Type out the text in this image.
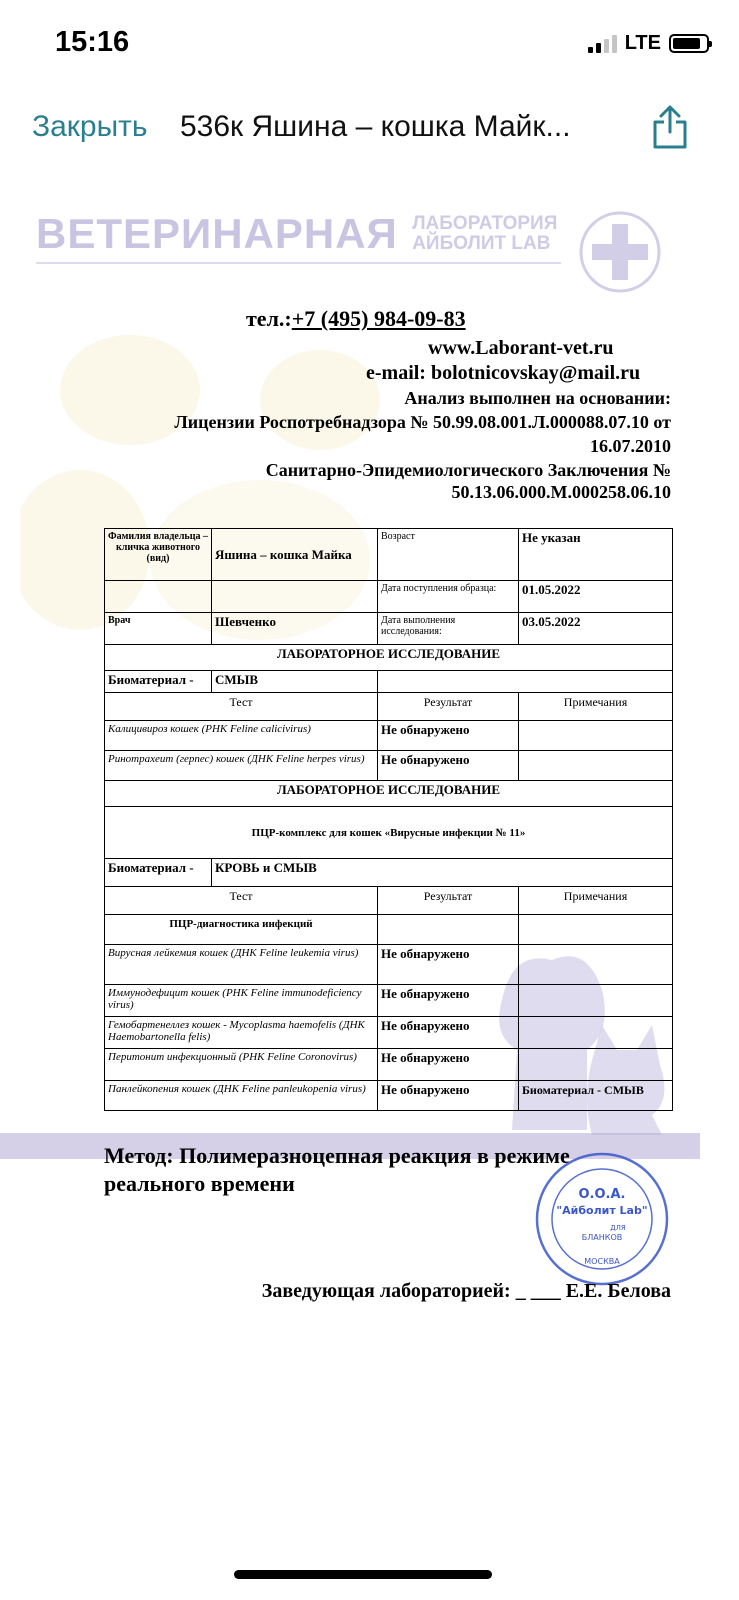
15:16	LTE
Закрыть 536к Яшина – кошка Майк...
ВЕТЕРИНАРНАЯ ЛАБОРАТОРИЯ
АЙБОЛИТ LAB
тел.:+7 (495) 984-09-83
www.Laborant-vet.ru
e-mail: bolotnicovskay@mail.ru
Анализ выполнен на основании:
Лицензии Роспотребнадзора № 50.99.08.001.Л.000088.07.10 от
16.07.2010
Санитарно-Эпидемиологического Заключения №
50.13.06.000.М.000258.06.10
Фамилия владельца – кличка животного (вид)	Яшина – кошка Майка	Возраст	Не указан
		Дата поступления образца:	01.05.2022
Врач	Шевченко	Дата выполнения исследования:	03.05.2022
ЛАБОРАТОРНОЕ ИССЛЕДОВАНИЕ			
Биоматериал -	СМЫВ		
Тест		Результат	Примечания
Калицивироз кошек (РНК Feline calicivirus)		Не обнаружено	
Ринотрахеит (герпес) кошек (ДНК Feline herpes virus)		Не обнаружено	
ЛАБОРАТОРНОЕ ИССЛЕДОВАНИЕ			
ПЦР-комплекс для кошек «Вирусные инфекции № 11»			
Биоматериал -	КРОВЬ и СМЫВ		
Тест		Результат	Примечания
ПЦР-диагностика инфекций			
Вирусная лейкемия кошек (ДНК Feline leukemia virus)		Не обнаружено	
Иммунодефицит кошек (РНК Feline immunodeficiency virus)		Не обнаружено	
Гемобартенеллез кошек - Mycoplasma haemofelis (ДНК Haemobartonella felis)		Не обнаружено	
Перитонит инфекционный (РНК Feline Coronovirus)		Не обнаружено	
Панлейкопения кошек (ДНК Feline panleukopenia virus)		Не обнаружено	Биоматериал - СМЫВ
Метод: Полимеразноцепная реакция в режиме реального времени	О.О.А.
"Айболит Lab"
ДЛЯ
БЛАНКОВ
МОСКВА
Заведующая лабораторией: _ ___ Е.Е. Белова
